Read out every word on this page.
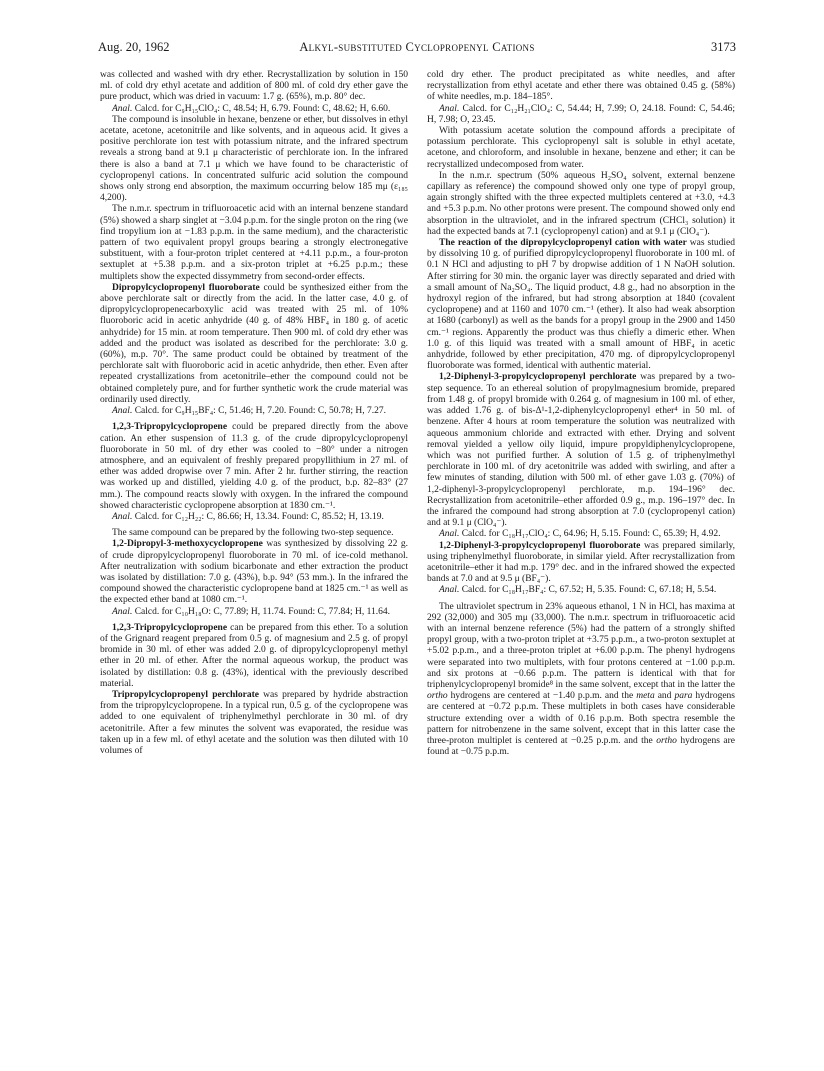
Aug. 20, 1962	Alkyl-substituted Cyclopropenyl Cations	3173

was collected and washed with dry ether. Recrystallization by solution in 150 ml. of cold dry ethyl acetate and addition of 800 ml. of cold dry ether gave the pure product, which was dried in vacuum: 1.7 g. (65%), m.p. 80° dec.

Anal. Calcd. for C₉H₁₅ClO₄: C, 48.54; H, 6.79. Found: C, 48.62; H, 6.60.

The compound is insoluble in hexane, benzene or ether, but dissolves in ethyl acetate, acetone, acetonitrile and like solvents, and in aqueous acid. It gives a positive perchlorate ion test with potassium nitrate, and the infrared spectrum reveals a strong band at 9.1 μ characteristic of perchlorate ion. In the infrared there is also a band at 7.1 μ which we have found to be characteristic of cyclopropenyl cations. In concentrated sulfuric acid solution the compound shows only strong end absorption, the maximum occurring below 185 mμ (ε₁₈₅ 4,200).

The n.m.r. spectrum in trifluoroacetic acid with an internal benzene standard (5%) showed a sharp singlet at −3.04 p.p.m. for the single proton on the ring (we find tropylium ion at −1.83 p.p.m. in the same medium), and the characteristic pattern of two equivalent propyl groups bearing a strongly electronegative substituent, with a four-proton triplet centered at +4.11 p.p.m., a four-proton sextuplet at +5.38 p.p.m. and a six-proton triplet at +6.25 p.p.m.; these multiplets show the expected dissymmetry from second-order effects.

Dipropylcyclopropenyl fluoroborate could be synthesized either from the above perchlorate salt or directly from the acid. In the latter case, 4.0 g. of dipropylcyclopropenecarboxylic acid was treated with 25 ml. of 10% fluoroboric acid in acetic anhydride (40 g. of 48% HBF₄ in 180 g. of acetic anhydride) for 15 min. at room temperature. Then 900 ml. of cold dry ether was added and the product was isolated as described for the perchlorate: 3.0 g. (60%), m.p. 70°. The same product could be obtained by treatment of the perchlorate salt with fluoroboric acid in acetic anhydride, then ether. Even after repeated crystallizations from acetonitrile–ether the compound could not be obtained completely pure, and for further synthetic work the crude material was ordinarily used directly.

Anal. Calcd. for C₉H₁₅BF₄: C, 51.46; H, 7.20. Found: C, 50.78; H, 7.27.

1,2,3-Tripropylcyclopropene could be prepared directly from the above cation. An ether suspension of 11.3 g. of the crude dipropylcyclopropenyl fluoroborate in 50 ml. of dry ether was cooled to −80° under a nitrogen atmosphere, and an equivalent of freshly prepared propyllithium in 27 ml. of ether was added dropwise over 7 min. After 2 hr. further stirring, the reaction was worked up and distilled, yielding 4.0 g. of the product, b.p. 82–83° (27 mm.). The compound reacts slowly with oxygen. In the infrared the compound showed characteristic cyclopropene absorption at 1830 cm.⁻¹.

Anal. Calcd. for C₁₂H₂₂: C, 86.66; H, 13.34. Found: C, 85.52; H, 13.19.

The same compound can be prepared by the following two-step sequence.

1,2-Dipropyl-3-methoxycyclopropene was synthesized by dissolving 22 g. of crude dipropylcyclopropenyl fluoroborate in 70 ml. of ice-cold methanol. After neutralization with sodium bicarbonate and ether extraction the product was isolated by distillation: 7.0 g. (43%), b.p. 94° (53 mm.). In the infrared the compound showed the characteristic cyclopropene band at 1825 cm.⁻¹ as well as the expected ether band at 1080 cm.⁻¹.

Anal. Calcd. for C₁₀H₁₈O: C, 77.89; H, 11.74. Found: C, 77.84; H, 11.64.

1,2,3-Tripropylcyclopropene can be prepared from this ether. To a solution of the Grignard reagent prepared from 0.5 g. of magnesium and 2.5 g. of propyl bromide in 30 ml. of ether was added 2.0 g. of dipropylcyclopropenyl methyl ether in 20 ml. of ether. After the normal aqueous workup, the product was isolated by distillation: 0.8 g. (43%), identical with the previously described material.

Tripropylcyclopropenyl perchlorate was prepared by hydride abstraction from the tripropylcyclopropene. In a typical run, 0.5 g. of the cyclopropene was added to one equivalent of triphenylmethyl perchlorate in 30 ml. of dry acetonitrile. After a few minutes the solvent was evaporated, the residue was taken up in a few ml. of ethyl acetate and the solution was then diluted with 10 volumes of

cold dry ether. The product precipitated as white needles, and after recrystallization from ethyl acetate and ether there was obtained 0.45 g. (58%) of white needles, m.p. 184–185°.

Anal. Calcd. for C₁₂H₂₁ClO₄: C, 54.44; H, 7.99; O, 24.18. Found: C, 54.46; H, 7.98; O, 23.45.

With potassium acetate solution the compound affords a precipitate of potassium perchlorate. This cyclopropenyl salt is soluble in ethyl acetate, acetone, and chloroform, and insoluble in hexane, benzene and ether; it can be recrystallized undecomposed from water.

In the n.m.r. spectrum (50% aqueous H₂SO₄ solvent, external benzene capillary as reference) the compound showed only one type of propyl group, again strongly shifted with the three expected multiplets centered at +3.0, +4.3 and +5.3 p.p.m. No other protons were present. The compound showed only end absorption in the ultraviolet, and in the infrared spectrum (CHCl₃ solution) it had the expected bands at 7.1 (cyclopropenyl cation) and at 9.1 μ (ClO₄⁻).

The reaction of the dipropylcyclopropenyl cation with water was studied by dissolving 10 g. of purified dipropylcyclopropenyl fluoroborate in 100 ml. of 0.1 N HCl and adjusting to pH 7 by dropwise addition of 1 N NaOH solution. After stirring for 30 min. the organic layer was directly separated and dried with a small amount of Na₂SO₄. The liquid product, 4.8 g., had no absorption in the hydroxyl region of the infrared, but had strong absorption at 1840 (covalent cyclopropene) and at 1160 and 1070 cm.⁻¹ (ether). It also had weak absorption at 1680 (carbonyl) as well as the bands for a propyl group in the 2900 and 1450 cm.⁻¹ regions. Apparently the product was thus chiefly a dimeric ether. When 1.0 g. of this liquid was treated with a small amount of HBF₄ in acetic anhydride, followed by ether precipitation, 470 mg. of dipropylcyclopropenyl fluoroborate was formed, identical with authentic material.

1,2-Diphenyl-3-propylcyclopropenyl perchlorate was prepared by a two-step sequence. To an ethereal solution of propylmagnesium bromide, prepared from 1.48 g. of propyl bromide with 0.264 g. of magnesium in 100 ml. of ether, was added 1.76 g. of bis-Δ¹-1,2-diphenylcyclopropenyl ether⁴ in 50 ml. of benzene. After 4 hours at room temperature the solution was neutralized with aqueous ammonium chloride and extracted with ether. Drying and solvent removal yielded a yellow oily liquid, impure propyldiphenylcyclopropene, which was not purified further. A solution of 1.5 g. of triphenylmethyl perchlorate in 100 ml. of dry acetonitrile was added with swirling, and after a few minutes of standing, dilution with 500 ml. of ether gave 1.03 g. (70%) of 1,2-diphenyl-3-propylcyclopropenyl perchlorate, m.p. 194–196° dec. Recrystallization from acetonitrile–ether afforded 0.9 g., m.p. 196–197° dec. In the infrared the compound had strong absorption at 7.0 (cyclopropenyl cation) and at 9.1 μ (ClO₄⁻).

Anal. Calcd. for C₁₈H₁₇ClO₄: C, 64.96; H, 5.15. Found: C, 65.39; H, 4.92.

1,2-Diphenyl-3-propylcyclopropenyl fluoroborate was prepared similarly, using triphenylmethyl fluoroborate, in similar yield. After recrystallization from acetonitrile–ether it had m.p. 179° dec. and in the infrared showed the expected bands at 7.0 and at 9.5 μ (BF₄⁻).

Anal. Calcd. for C₁₈H₁₇BF₄: C, 67.52; H, 5.35. Found: C, 67.18; H, 5.54.

The ultraviolet spectrum in 23% aqueous ethanol, 1 N in HCl, has maxima at 292 (32,000) and 305 mμ (33,000). The n.m.r. spectrum in trifluoroacetic acid with an internal benzene reference (5%) had the pattern of a strongly shifted propyl group, with a two-proton triplet at +3.75 p.p.m., a two-proton sextuplet at +5.02 p.p.m., and a three-proton triplet at +6.00 p.p.m. The phenyl hydrogens were separated into two multiplets, with four protons centered at −1.00 p.p.m. and six protons at −0.66 p.p.m. The pattern is identical with that for triphenylcyclopropenyl bromide⁸ in the same solvent, except that in the latter the ortho hydrogens are centered at −1.40 p.p.m. and the meta and para hydrogens are centered at −0.72 p.p.m. These multiplets in both cases have considerable structure extending over a width of 0.16 p.p.m. Both spectra resemble the pattern for nitrobenzene in the same solvent, except that in this latter case the three-proton multiplet is centered at −0.25 p.p.m. and the ortho hydrogens are found at −0.75 p.p.m.
